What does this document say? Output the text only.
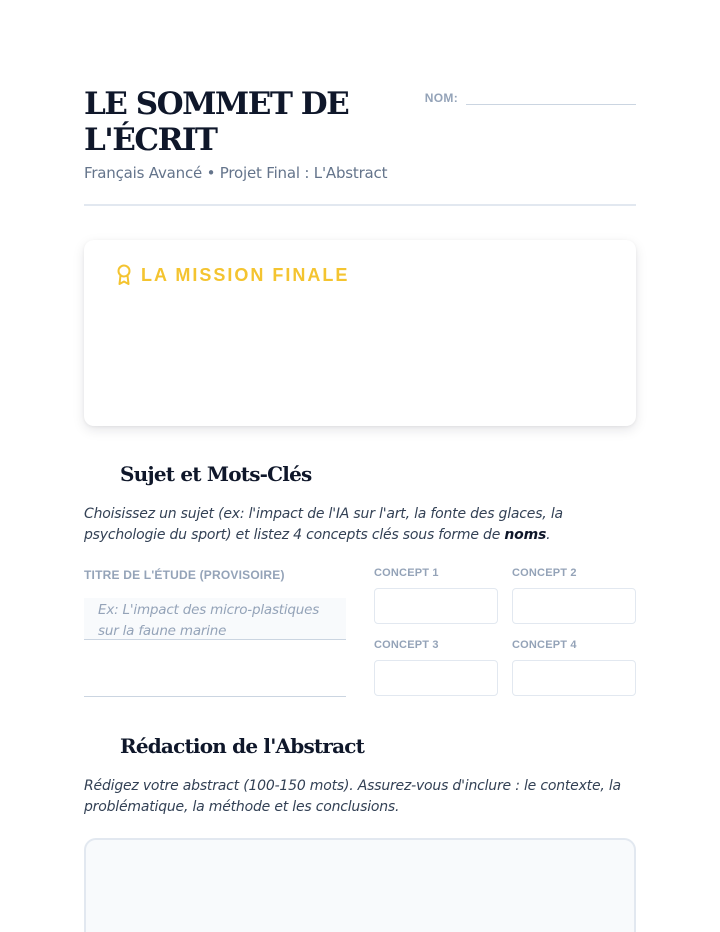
LE SOMMET DE L'ÉCRIT
Français Avancé • Projet Final : L'Abstract
NOM:
LA MISSION FINALE
Sujet et Mots-Clés

Choisissez un sujet (ex: l'impact de l'IA sur l'art, la fonte des glaces, la psychologie du sport) et listez 4 concepts clés sous forme de noms.

TITRE DE L'ÉTUDE (PROVISOIRE)
Ex: L'impact des micro-plastiques sur la faune marine
CONCEPT 1	CONCEPT 2
CONCEPT 3	CONCEPT 4
Rédaction de l'Abstract

Rédigez votre abstract (100-150 mots). Assurez-vous d'inclure : le contexte, la problématique, la méthode et les conclusions.
